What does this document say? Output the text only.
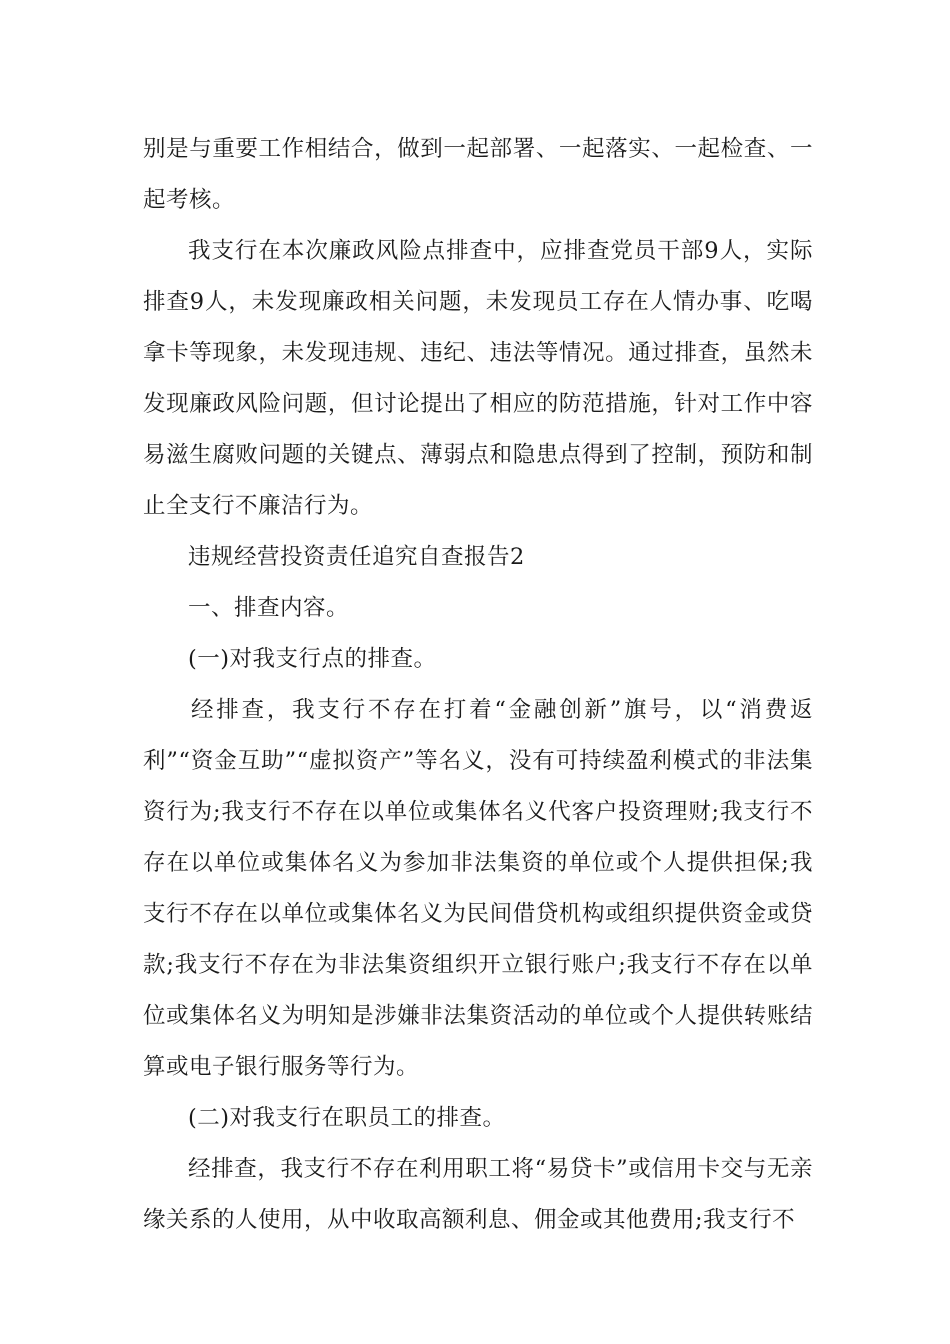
别是与重要工作相结合，做到一起部署、一起落实、一起检查、一起考核。

我支行在本次廉政风险点排查中，应排查党员干部9人，实际排查9人，未发现廉政相关问题，未发现员工存在人情办事、吃喝拿卡等现象，未发现违规、违纪、违法等情况。通过排查，虽然未发现廉政风险问题，但讨论提出了相应的防范措施，针对工作中容易滋生腐败问题的关键点、薄弱点和隐患点得到了控制，预防和制止全支行不廉洁行为。

违规经营投资责任追究自查报告2

一、排查内容。

(一)对我支行点的排查。

经排查，我支行不存在打着“金融创新”旗号，以“消费返利”“资金互助”“虚拟资产”等名义，没有可持续盈利模式的非法集资行为;我支行不存在以单位或集体名义代客户投资理财;我支行不存在以单位或集体名义为参加非法集资的单位或个人提供担保;我支行不存在以单位或集体名义为民间借贷机构或组织提供资金或贷款;我支行不存在为非法集资组织开立银行账户;我支行不存在以单位或集体名义为明知是涉嫌非法集资活动的单位或个人提供转账结算或电子银行服务等行为。

(二)对我支行在职员工的排查。

经排查，我支行不存在利用职工将“易贷卡”或信用卡交与无亲缘关系的人使用，从中收取高额利息、佣金或其他费用;我支行不
